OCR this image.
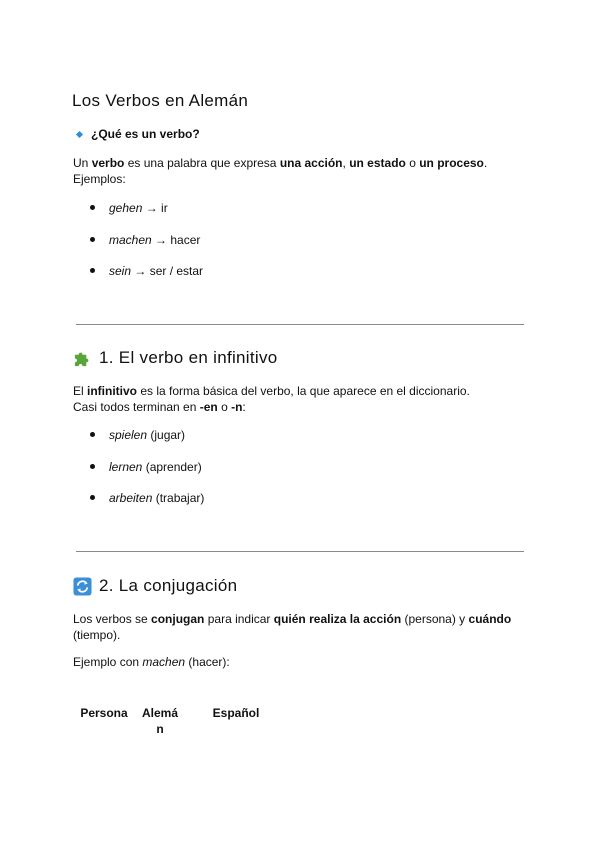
Los Verbos en Alemán
¿Qué es un verbo?

Un verbo es una palabra que expresa una acción, un estado o un proceso.
Ejemplos:

gehen → ir
machen → hacer
sein → ser / estar
1. El verbo en infinitivo

El infinitivo es la forma básica del verbo, la que aparece en el diccionario.
Casi todos terminan en -en o -n:

spielen (jugar)
lernen (aprender)
arbeiten (trabajar)
2. La conjugación

Los verbos se conjugan para indicar quién realiza la acción (persona) y cuándo
(tiempo).

Ejemplo con machen (hacer):

Persona Alemá
n
Español
